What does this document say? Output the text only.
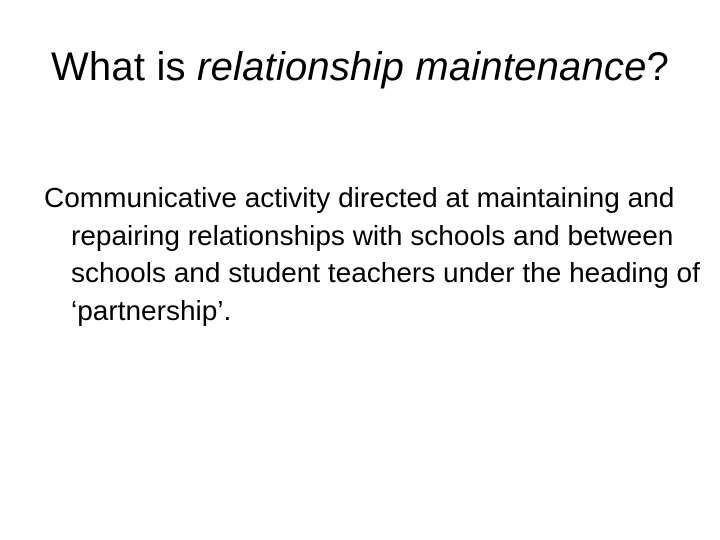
What is relationship maintenance?

Communicative activity directed at maintaining and repairing relationships with schools and between schools and student teachers under the heading of ‘partnership’.
